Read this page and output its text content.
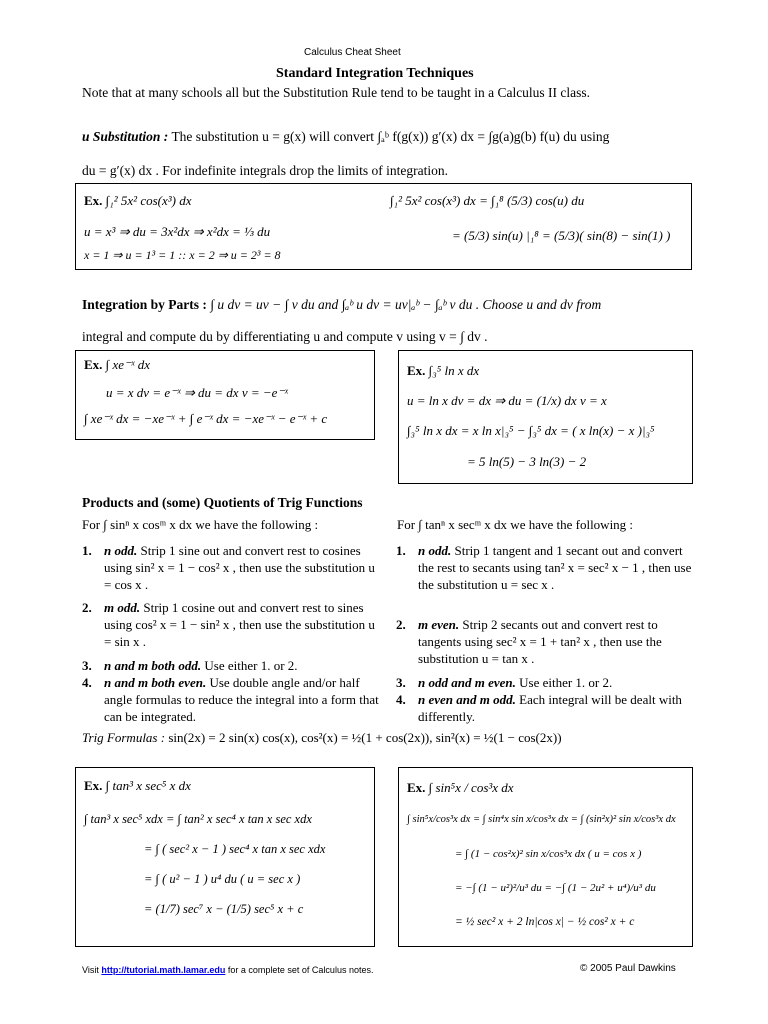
Calculus Cheat Sheet
Standard Integration Techniques
Note that at many schools all but the Substitution Rule tend to be taught in a Calculus II class.
u Substitution : The substitution u = g(x) will convert ∫ₐᵇ f(g(x)) g′(x) dx = ∫g(a)g(b) f(u) du using
du = g′(x) dx . For indefinite integrals drop the limits of integration.
Ex. ∫₁² 5x² cos(x³) dx
u = x³ ⇒ du = 3x²dx ⇒ x²dx = ⅓ du
x = 1 ⇒ u = 1³ = 1 :: x = 2 ⇒ u = 2³ = 8
∫₁² 5x² cos(x³) dx = ∫₁⁸ (5/3) cos(u) du
= (5/3) sin(u) |₁⁸ = (5/3)( sin(8) − sin(1) )
Integration by Parts : ∫ u dv = uv − ∫ v du and ∫ₐᵇ u dv = uv|ₐᵇ − ∫ₐᵇ v du . Choose u and dv from
integral and compute du by differentiating u and compute v using v = ∫ dv .
Ex. ∫ xe⁻ˣ dx
u = x dv = e⁻ˣ ⇒ du = dx v = −e⁻ˣ
∫ xe⁻ˣ dx = −xe⁻ˣ + ∫ e⁻ˣ dx = −xe⁻ˣ − e⁻ˣ + c
Ex. ∫₃⁵ ln x dx
u = ln x dv = dx ⇒ du = (1/x) dx v = x
∫₃⁵ ln x dx = x ln x|₃⁵ − ∫₃⁵ dx = ( x ln(x) − x )|₃⁵
= 5 ln(5) − 3 ln(3) − 2
Products and (some) Quotients of Trig Functions
For ∫ sinⁿ x cosᵐ x dx we have the following :	For ∫ tanⁿ x secᵐ x dx we have the following :
1. n odd. Strip 1 sine out and convert rest to cosines using sin² x = 1 − cos² x , then use the substitution u = cos x .
2. m odd. Strip 1 cosine out and convert rest to sines using cos² x = 1 − sin² x , then use the substitution u = sin x .
3. n and m both odd. Use either 1. or 2.
4. n and m both even. Use double angle and/or half angle formulas to reduce the integral into a form that can be integrated.
1. n odd. Strip 1 tangent and 1 secant out and convert the rest to secants using tan² x = sec² x − 1 , then use the substitution u = sec x .
2. m even. Strip 2 secants out and convert rest to tangents using sec² x = 1 + tan² x , then use the substitution u = tan x .
3. n odd and m even. Use either 1. or 2.
4. n even and m odd. Each integral will be dealt with differently.
Trig Formulas : sin(2x) = 2 sin(x) cos(x), cos²(x) = ½(1 + cos(2x)), sin²(x) = ½(1 − cos(2x))
Ex. ∫ tan³ x sec⁵ x dx
∫ tan³ x sec⁵ xdx = ∫ tan² x sec⁴ x tan x sec xdx
= ∫ ( sec² x − 1 ) sec⁴ x tan x sec xdx
= ∫ ( u² − 1 ) u⁴ du ( u = sec x )
= (1/7) sec⁷ x − (1/5) sec⁵ x + c
Ex. ∫ sin⁵x / cos³x dx
∫ sin⁵x/cos³x dx = ∫ sin⁴x sin x/cos³x dx = ∫ (sin²x)² sin x/cos³x dx
= ∫ (1 − cos²x)² sin x/cos³x dx ( u = cos x )
= −∫ (1 − u²)²/u³ du = −∫ (1 − 2u² + u⁴)/u³ du
= ½ sec² x + 2 ln|cos x| − ½ cos² x + c
Visit http://tutorial.math.lamar.edu for a complete set of Calculus notes.	© 2005 Paul Dawkins
